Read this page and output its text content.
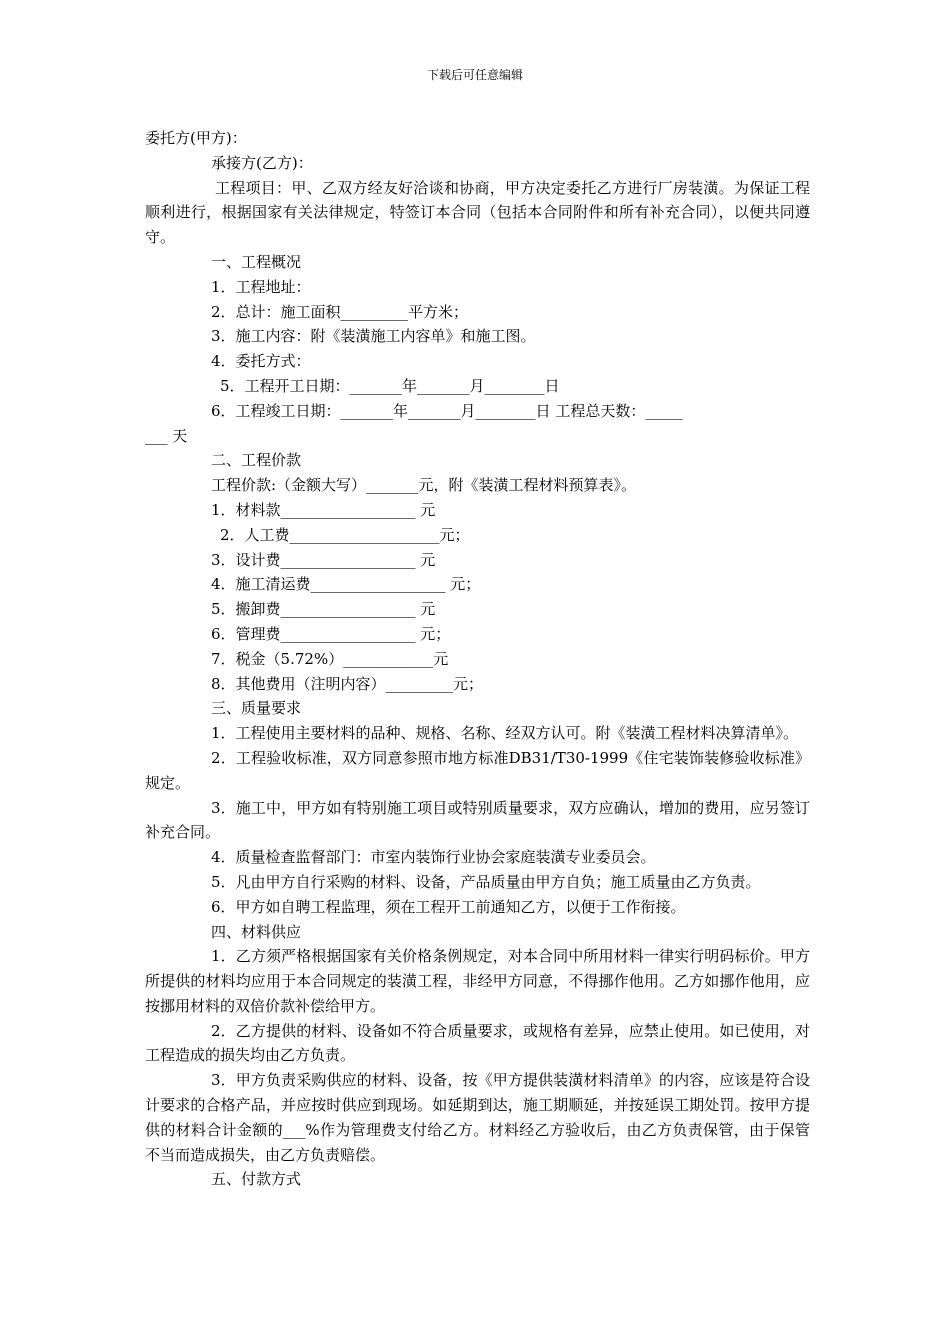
下载后可任意编辑

委托方(甲方)：

承接方(乙方)：

工程项目：甲、乙双方经友好洽谈和协商，甲方决定委托乙方进行厂房装潢。为保证工程顺利进行，根据国家有关法律规定，特签订本合同（包括本合同附件和所有补充合同），以便共同遵守。

一、工程概况

1．工程地址：

2．总计：施工面积_________平方米；

3．施工内容：附《装潢施工内容单》和施工图。

4．委托方式：

5．工程开工日期：_______年_______月________日

6．工程竣工日期：_______年_______月________日 工程总天数：_____

___ 天

二、工程价款

工程价款:（金额大写）_______元，附《装潢工程材料预算表》。

1．材料款__________________ 元

2．人工费____________________元；

3．设计费__________________ 元

4．施工清运费__________________ 元；

5．搬卸费__________________ 元

6．管理费__________________ 元；

7．税金（5.72%）____________元

8．其他费用（注明内容）_________元；

三、质量要求

1．工程使用主要材料的品种、规格、名称、经双方认可。附《装潢工程材料决算清单》。

2．工程验收标准，双方同意参照市地方标准DB31/T30-1999《住宅装饰装修验收标准》规定。

3．施工中，甲方如有特别施工项目或特别质量要求，双方应确认，增加的费用，应另签订补充合同。

4．质量检查监督部门：市室内装饰行业协会家庭装潢专业委员会。

5．凡由甲方自行采购的材料、设备，产品质量由甲方自负；施工质量由乙方负责。

6．甲方如自聘工程监理，须在工程开工前通知乙方，以便于工作衔接。

四、材料供应

1．乙方须严格根据国家有关价格条例规定，对本合同中所用材料一律实行明码标价。甲方所提供的材料均应用于本合同规定的装潢工程，非经甲方同意，不得挪作他用。乙方如挪作他用，应按挪用材料的双倍价款补偿给甲方。

2．乙方提供的材料、设备如不符合质量要求，或规格有差异，应禁止使用。如已使用，对工程造成的损失均由乙方负责。

3．甲方负责采购供应的材料、设备，按《甲方提供装潢材料清单》的内容，应该是符合设计要求的合格产品，并应按时供应到现场。如延期到达，施工期顺延，并按延误工期处罚。按甲方提供的材料合计金额的___%作为管理费支付给乙方。材料经乙方验收后，由乙方负责保管，由于保管不当而造成损失，由乙方负责赔偿。

五、付款方式
